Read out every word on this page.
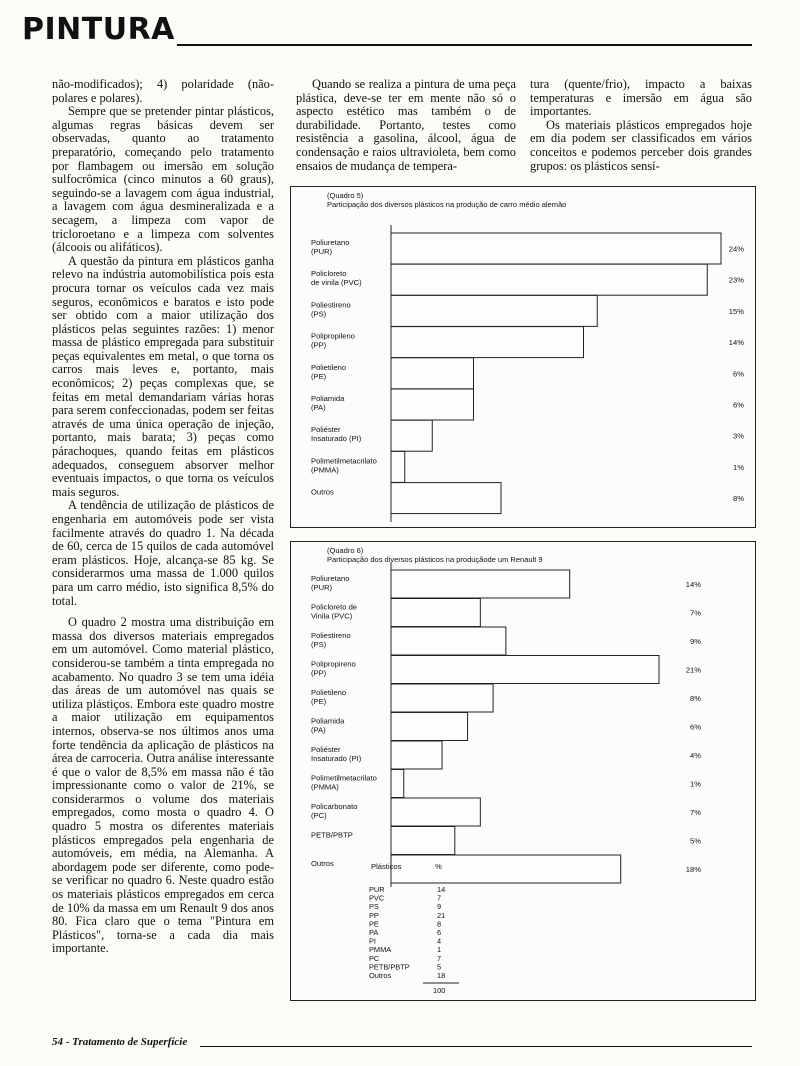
PINTURA

não-modificados); 4) polaridade (não-polares e polares).

Sempre que se pretender pintar plásticos, algumas regras básicas devem ser observadas, quanto ao tratamento preparatório, começando pelo tratamento por flambagem ou imersão em solução sulfocrômica (cinco minutos a 60 graus), seguindo-se a lavagem com água industrial, a lavagem com água desmineralizada e a secagem, a limpeza com vapor de tricloroetano e a limpeza com solventes (álcoois ou alifáticos).

A questão da pintura em plásticos ganha relevo na indústria automobilística pois esta procura tornar os veículos cada vez mais seguros, econômicos e baratos e isto pode ser obtido com a maior utilização dos plásticos pelas seguintes razões: 1) menor massa de plástico empregada para substituir peças equivalentes em metal, o que torna os carros mais leves e, portanto, mais econômicos; 2) peças complexas que, se feitas em metal demandariam várias horas para serem confeccionadas, podem ser feitas através de uma única operação de injeção, portanto, mais barata; 3) peças como párachoques, quando feitas em plásticos adequados, conseguem absorver melhor eventuais impactos, o que torna os veículos mais seguros.

A tendência de utilização de plásticos de engenharia em automóveis pode ser vista facilmente através do quadro 1. Na década de 60, cerca de 15 quilos de cada automóvel eram plásticos. Hoje, alcança-se 85 kg. Se considerarmos uma massa de 1.000 quilos para um carro médio, isto significa 8,5% do total.

O quadro 2 mostra uma distribuição em massa dos diversos materiais empregados em um automóvel. Como material plástico, considerou-se também a tinta empregada no acabamento. No quadro 3 se tem uma idéia das áreas de um automóvel nas quais se utiliza plástiços. Embora este quadro mostre a maior utilização em equipamentos internos, observa-se nos últimos anos uma forte tendência da aplicação de plásticos na área de carroceria. Outra análise interessante é que o valor de 8,5% em massa não é tão impressionante como o valor de 21%, se considerarmos o volume dos materiais empregados, como mosta o quadro 4. O quadro 5 mostra os diferentes materiais plásticos empregados pela engenharia de automóveis, em média, na Alemanha. A abordagem pode ser diferente, como pode-se verificar no quadro 6. Neste quadro estão os materiais plásticos empregados em cerca de 10% da massa em um Renault 9 dos anos 80. Fica claro que o tema "Pintura em Plásticos", torna-se a cada dia mais importante.

Quando se realiza a pintura de uma peça plástica, deve-se ter em mente não só o aspecto estético mas também o de durabilidade. Portanto, testes como resistência a gasolina, álcool, água de condensação e raios ultravioleta, bem como ensaios de mudança de tempera-

tura (quente/frio), impacto a baixas temperaturas e imersão em água são importantes.

Os materiais plásticos empregados hoje em dia podem ser classificados em vários conceitos e podemos perceber dois grandes grupos: os plásticos sensí-

(Quadro 5)
Participação dos diversos plásticos na produção de carro médio alemão
Poliuretano
(PUR)	24%
Policloreto
de vinila (PVC)	23%
Poliestireno
(PS)	15%
Polipropileno
(PP)	14%
Polietileno
(PE)	6%
Poliamida
(PA)	6%
Poliéster
Insaturado (PI)	3%
Polimetilmetacrilato
(PMMA)	1%
Outros
8%
(Quadro 6)
Participação dos diversos plásticos na produçãode um Renault 9
Poliuretano
(PUR)	14%
Policloreto de
Vinila (PVC)	7%
Poliestireno
(PS)	9%
Polipropireno
(PP)	21%
Polietileno
(PE)	8%
Poliamida
(PA)	6%
Poliéster
Insaturado (PI)	4%
Polimetilmetacrilato
(PMMA)	1%
Policarbonato
(PC)	7%
PETB/PBTP
5%
Outros
18%
Plásticos	%
PUR	14
PVC	7
PS	9
PP	21
PE	8
PA	6
PI	4
PMMA	1
PC	7
PETB/PBTP	5
Outros	18
100
54 - Tratamento de Superfície
